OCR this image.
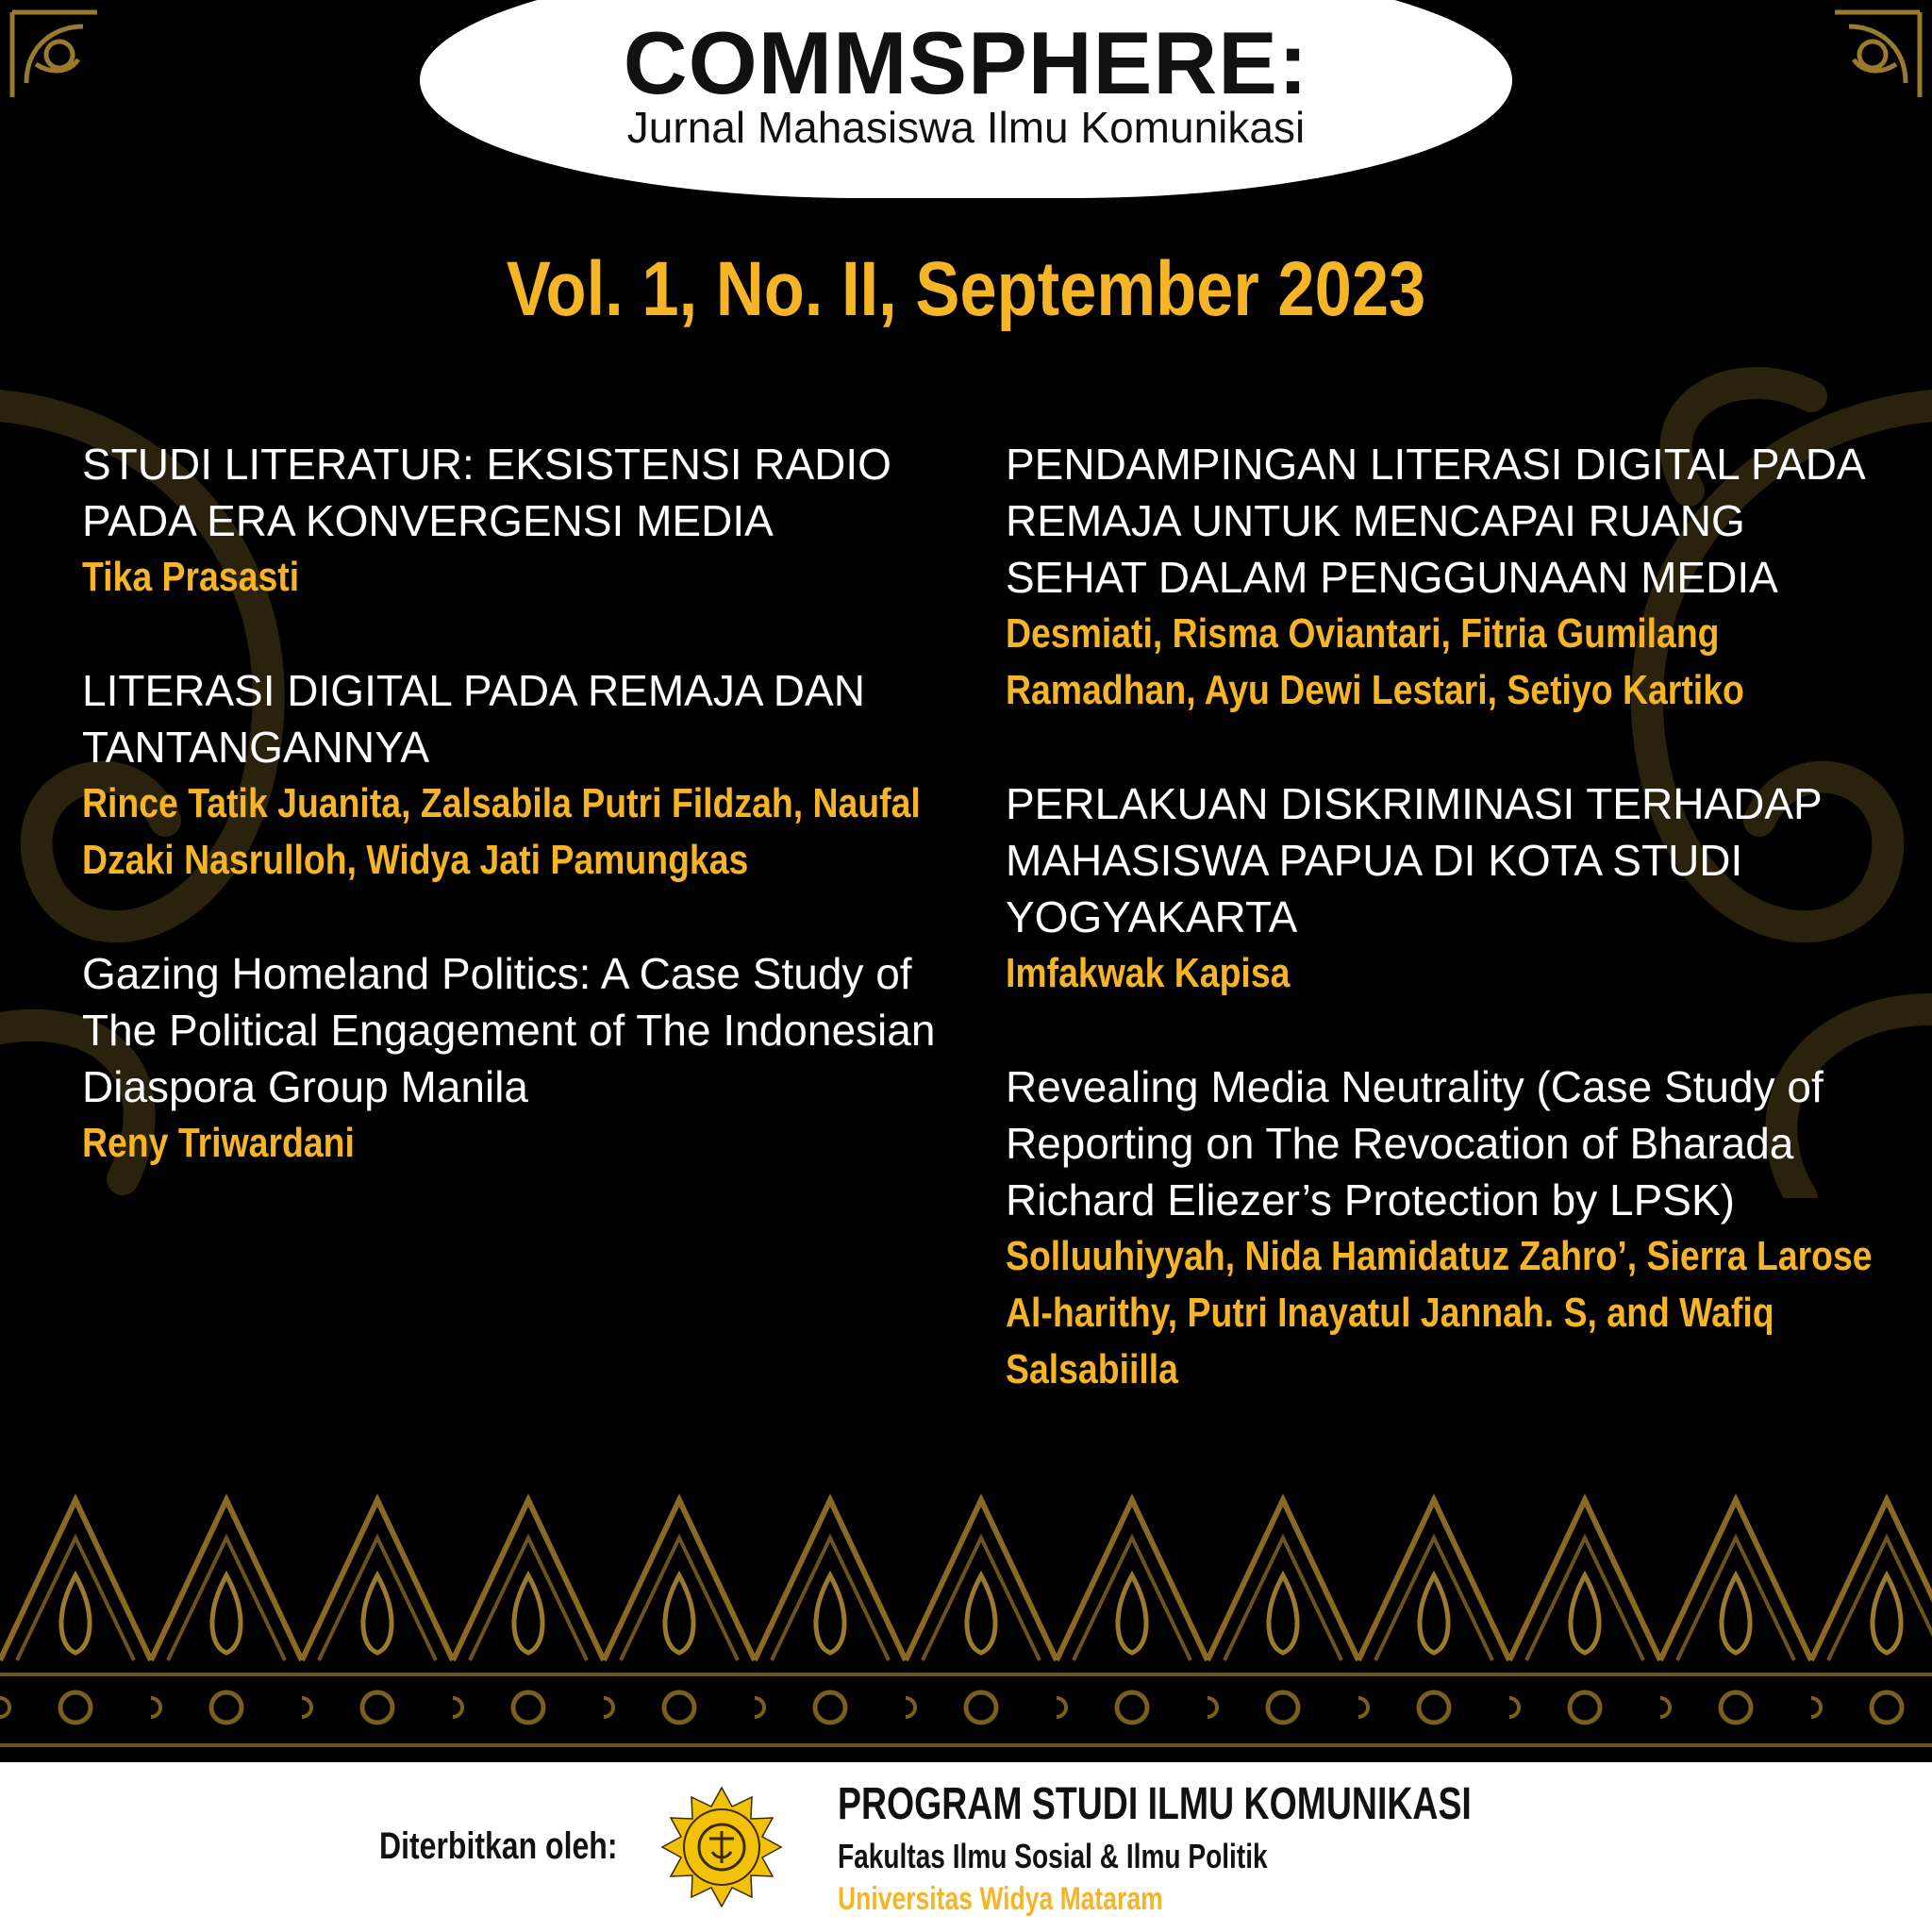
COMMSPHERE:
Jurnal Mahasiswa Ilmu Komunikasi
Vol. 1, No. II, September 2023
STUDI LITERATUR: EKSISTENSI RADIO PADA ERA KONVERGENSI MEDIA
Tika Prasasti
LITERASI DIGITAL PADA REMAJA DAN TANTANGANNYA
Rince Tatik Juanita, Zalsabila Putri Fildzah, Naufal Dzaki Nasrulloh, Widya Jati Pamungkas
Gazing Homeland Politics: A Case Study of The Political Engagement of The Indonesian Diaspora Group Manila
Reny Triwardani
PENDAMPINGAN LITERASI DIGITAL PADA REMAJA UNTUK MENCAPAI RUANG SEHAT DALAM PENGGUNAAN MEDIA
Desmiati, Risma Oviantari, Fitria Gumilang Ramadhan, Ayu Dewi Lestari, Setiyo Kartiko
PERLAKUAN DISKRIMINASI TERHADAP MAHASISWA PAPUA DI KOTA STUDI YOGYAKARTA
Imfakwak Kapisa
Revealing Media Neutrality (Case Study of Reporting on The Revocation of Bharada Richard Eliezer’s Protection by LPSK)
Solluuhiyyah, Nida Hamidatuz Zahro’, Sierra Larose Al-harithy, Putri Inayatul Jannah. S, and Wafiq Salsabiilla
Diterbitkan oleh:
PROGRAM STUDI ILMU KOMUNIKASI
Fakultas Ilmu Sosial & Ilmu Politik
Universitas Widya Mataram
